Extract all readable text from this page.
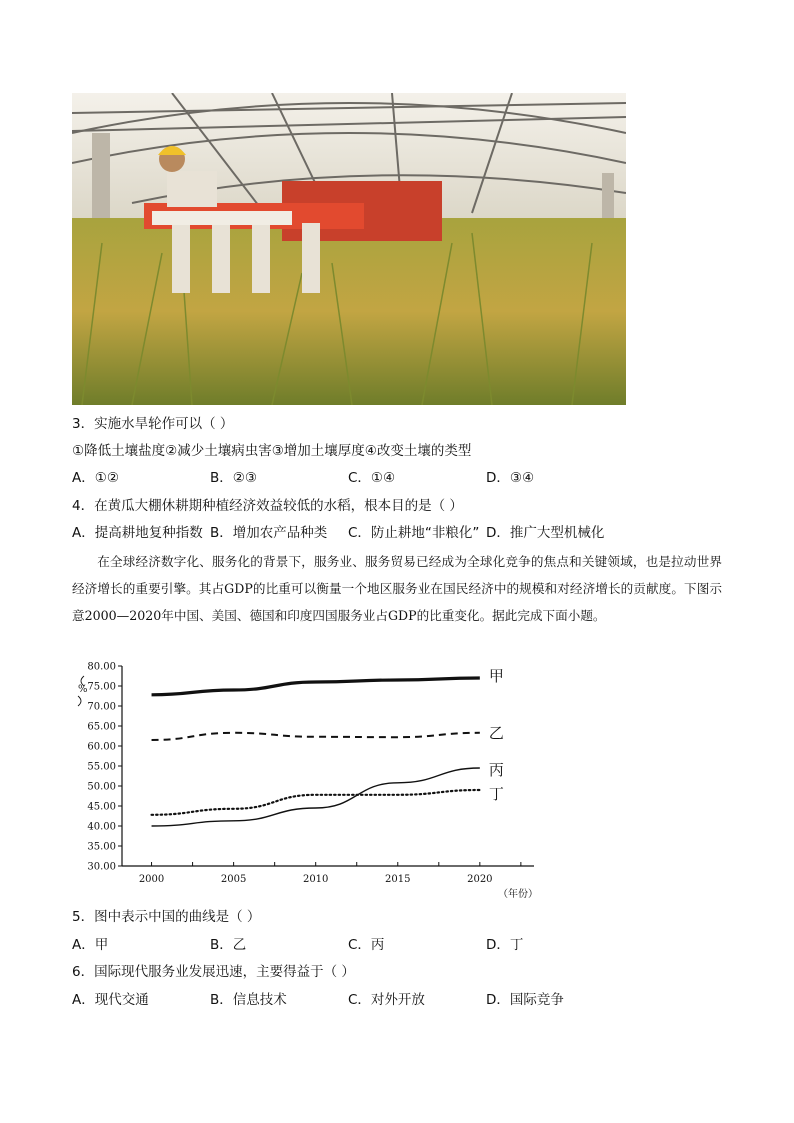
3．实施水旱轮作可以（ ）
①降低土壤盐度②减少土壤病虫害③增加土壤厚度④改变土壤的类型
A．①②	B．②③	C．①④	D．③④
4．在黄瓜大棚休耕期种植经济效益较低的水稻，根本目的是（ ）
A．提高耕地复种指数 B．增加农产品种类 C．防止耕地“非粮化” D．推广大型机械化

在全球经济数字化、服务化的背景下，服务业、服务贸易已经成为全球化竞争的焦点和关键领域，也是拉动世界经济增长的重要引擎。其占GDP的比重可以衡量一个地区服务业在国民经济中的规模和对经济增长的贡献度。下图示意2000—2020年中国、美国、德国和印度四国服务业占GDP的比重变化。据此完成下面小题。

30.00
35.00
40.00
45.00
50.00
55.00
60.00
65.00
70.00
75.00
80.00
2000	2005	2010	2015	2020
（年份）
%
甲
乙
丙
丁
5．图中表示中国的曲线是（ ）
A．甲	B．乙	C．丙	D．丁
6．国际现代服务业发展迅速，主要得益于（ ）
A．现代交通	B．信息技术	C．对外开放	D．国际竞争
